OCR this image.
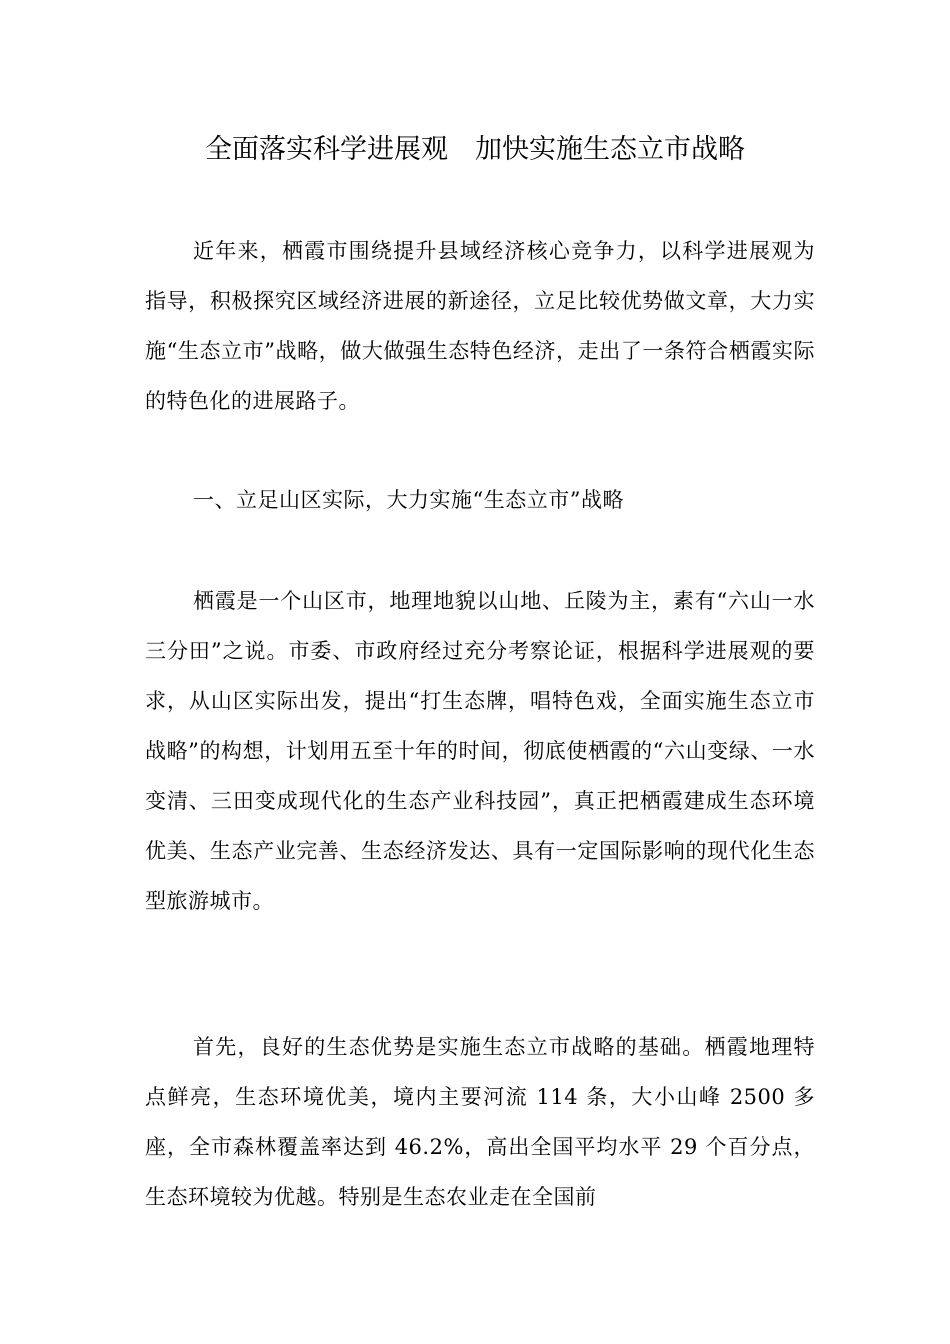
全面落实科学进展观　加快实施生态立市战略

近年来，栖霞市围绕提升县域经济核心竞争力，以科学进展观为指导，积极探究区域经济进展的新途径，立足比较优势做文章，大力实施“生态立市”战略，做大做强生态特色经济，走出了一条符合栖霞实际的特色化的进展路子。

一、立足山区实际，大力实施“生态立市”战略

栖霞是一个山区市，地理地貌以山地、丘陵为主，素有“六山一水三分田”之说。市委、市政府经过充分考察论证，根据科学进展观的要求，从山区实际出发，提出“打生态牌，唱特色戏，全面实施生态立市战略”的构想，计划用五至十年的时间，彻底使栖霞的“六山变绿、一水变清、三田变成现代化的生态产业科技园”，真正把栖霞建成生态环境优美、生态产业完善、生态经济发达、具有一定国际影响的现代化生态型旅游城市。

首先，良好的生态优势是实施生态立市战略的基础。栖霞地理特点鲜亮，生态环境优美，境内主要河流 114 条，大小山峰 2500 多座，全市森林覆盖率达到 46.2%，高出全国平均水平 29 个百分点，生态环境较为优越。特别是生态农业走在全国前
